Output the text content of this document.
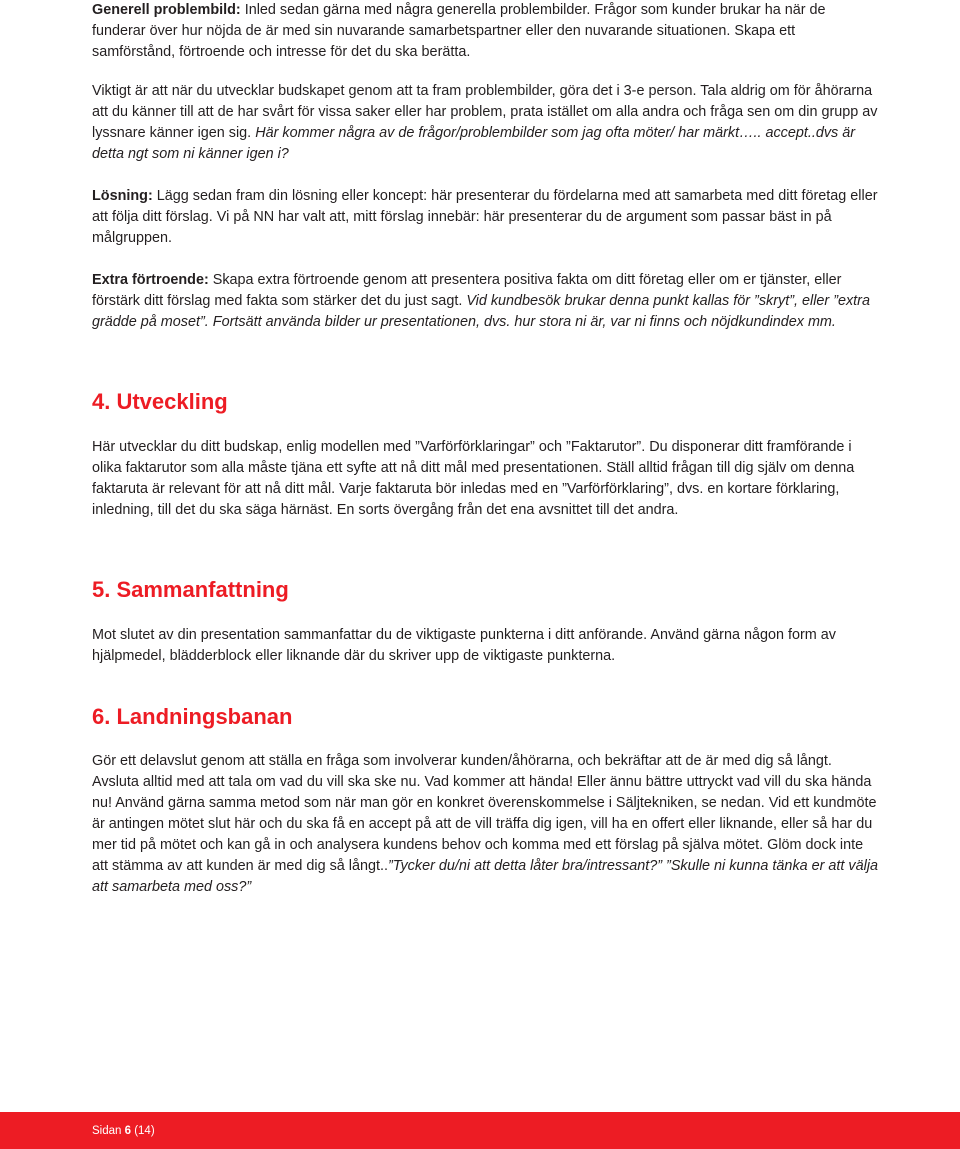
Generell problembild: Inled sedan gärna med några generella problembilder. Frågor som kunder brukar ha när de funderar över hur nöjda de är med sin nuvarande samarbetspartner eller den nuvarande situationen. Skapa ett samförstånd, förtroende och intresse för det du ska berätta.

Viktigt är att när du utvecklar budskapet genom att ta fram problembilder, göra det i 3-e person. Tala aldrig om för åhörarna att du känner till att de har svårt för vissa saker eller har problem, prata istället om alla andra och fråga sen om din grupp av lyssnare känner igen sig. Här kommer några av de frågor/problembilder som jag ofta möter/ har märkt….. accept..dvs är detta ngt som ni känner igen i?

Lösning: Lägg sedan fram din lösning eller koncept: här presenterar du fördelarna med att samarbeta med ditt företag eller att följa ditt förslag. Vi på NN har valt att, mitt förslag innebär: här presenterar du de argument som passar bäst in på målgruppen.

Extra förtroende: Skapa extra förtroende genom att presentera positiva fakta om ditt företag eller om er tjänster, eller förstärk ditt förslag med fakta som stärker det du just sagt. Vid kundbesök brukar denna punkt kallas för ”skryt”, eller ”extra grädde på moset”. Fortsätt använda bilder ur presentationen, dvs. hur stora ni är, var ni finns och nöjdkundindex mm.

4. Utveckling

Här utvecklar du ditt budskap, enlig modellen med ”Varförförklaringar” och ”Faktarutor”. Du disponerar ditt framförande i olika faktarutor som alla måste tjäna ett syfte att nå ditt mål med presentationen. Ställ alltid frågan till dig själv om denna faktaruta är relevant för att nå ditt mål. Varje faktaruta bör inledas med en ”Varförförklaring”, dvs. en kortare förklaring, inledning, till det du ska säga härnäst. En sorts övergång från det ena avsnittet till det andra.

5. Sammanfattning

Mot slutet av din presentation sammanfattar du de viktigaste punkterna i ditt anförande. Använd gärna någon form av hjälpmedel, blädderblock eller liknande där du skriver upp de viktigaste punkterna.

6. Landningsbanan

Gör ett delavslut genom att ställa en fråga som involverar kunden/åhörarna, och bekräftar att de är med dig så långt. Avsluta alltid med att tala om vad du vill ska ske nu. Vad kommer att hända! Eller ännu bättre uttryckt vad vill du ska hända nu! Använd gärna samma metod som när man gör en konkret överenskommelse i Säljtekniken, se nedan. Vid ett kundmöte är antingen mötet slut här och du ska få en accept på att de vill träffa dig igen, vill ha en offert eller liknande, eller så har du mer tid på mötet och kan gå in och analysera kundens behov och komma med ett förslag på själva mötet. Glöm dock inte att stämma av att kunden är med dig så långt..”Tycker du/ni att detta låter bra/intressant?” ”Skulle ni kunna tänka er att välja att samarbeta med oss?”

Sidan 6 (14)
